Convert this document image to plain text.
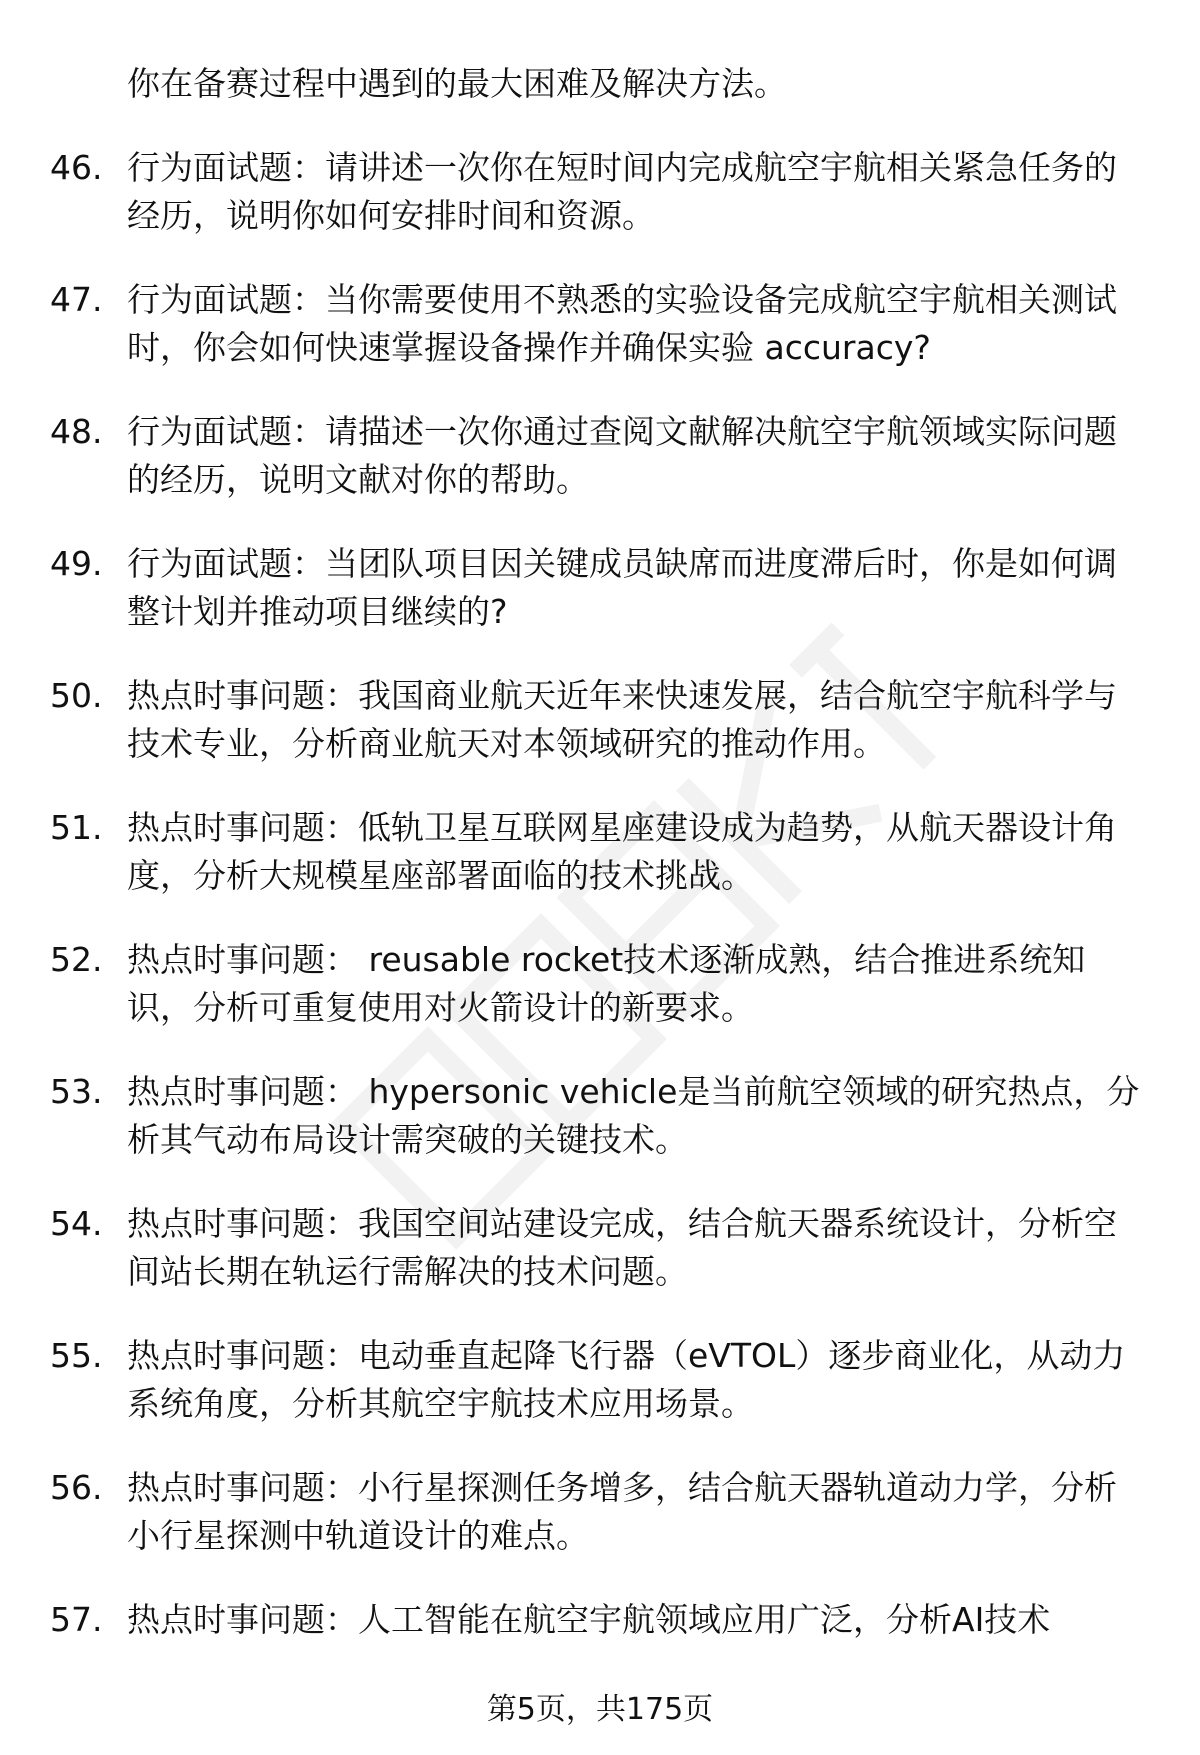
你在备赛过程中遇到的最大困难及解决方法。
46. 行为面试题：请讲述一次你在短时间内完成航空宇航相关紧急任务的经历，说明你如何安排时间和资源。
47. 行为面试题：当你需要使用不熟悉的实验设备完成航空宇航相关测试时，你会如何快速掌握设备操作并确保实验 accuracy?
48. 行为面试题：请描述一次你通过查阅文献解决航空宇航领域实际问题的经历，说明文献对你的帮助。
49. 行为面试题：当团队项目因关键成员缺席而进度滞后时，你是如何调整计划并推动项目继续的?
50. 热点时事问题：我国商业航天近年来快速发展，结合航空宇航科学与技术专业，分析商业航天对本领域研究的推动作用。
51. 热点时事问题：低轨卫星互联网星座建设成为趋势，从航天器设计角度，分析大规模星座部署面临的技术挑战。
52. 热点时事问题： reusable rocket技术逐渐成熟，结合推进系统知识，分析可重复使用对火箭设计的新要求。
53. 热点时事问题： hypersonic vehicle是当前航空领域的研究热点，分析其气动布局设计需突破的关键技术。
54. 热点时事问题：我国空间站建设完成，结合航天器系统设计，分析空间站长期在轨运行需解决的技术问题。
55. 热点时事问题：电动垂直起降飞行器（eVTOL）逐步商业化，从动力系统角度，分析其航空宇航技术应用场景。
56. 热点时事问题：小行星探测任务增多，结合航天器轨道动力学，分析小行星探测中轨道设计的难点。
57. 热点时事问题：人工智能在航空宇航领域应用广泛，分析AI技术
第5页，共175页
